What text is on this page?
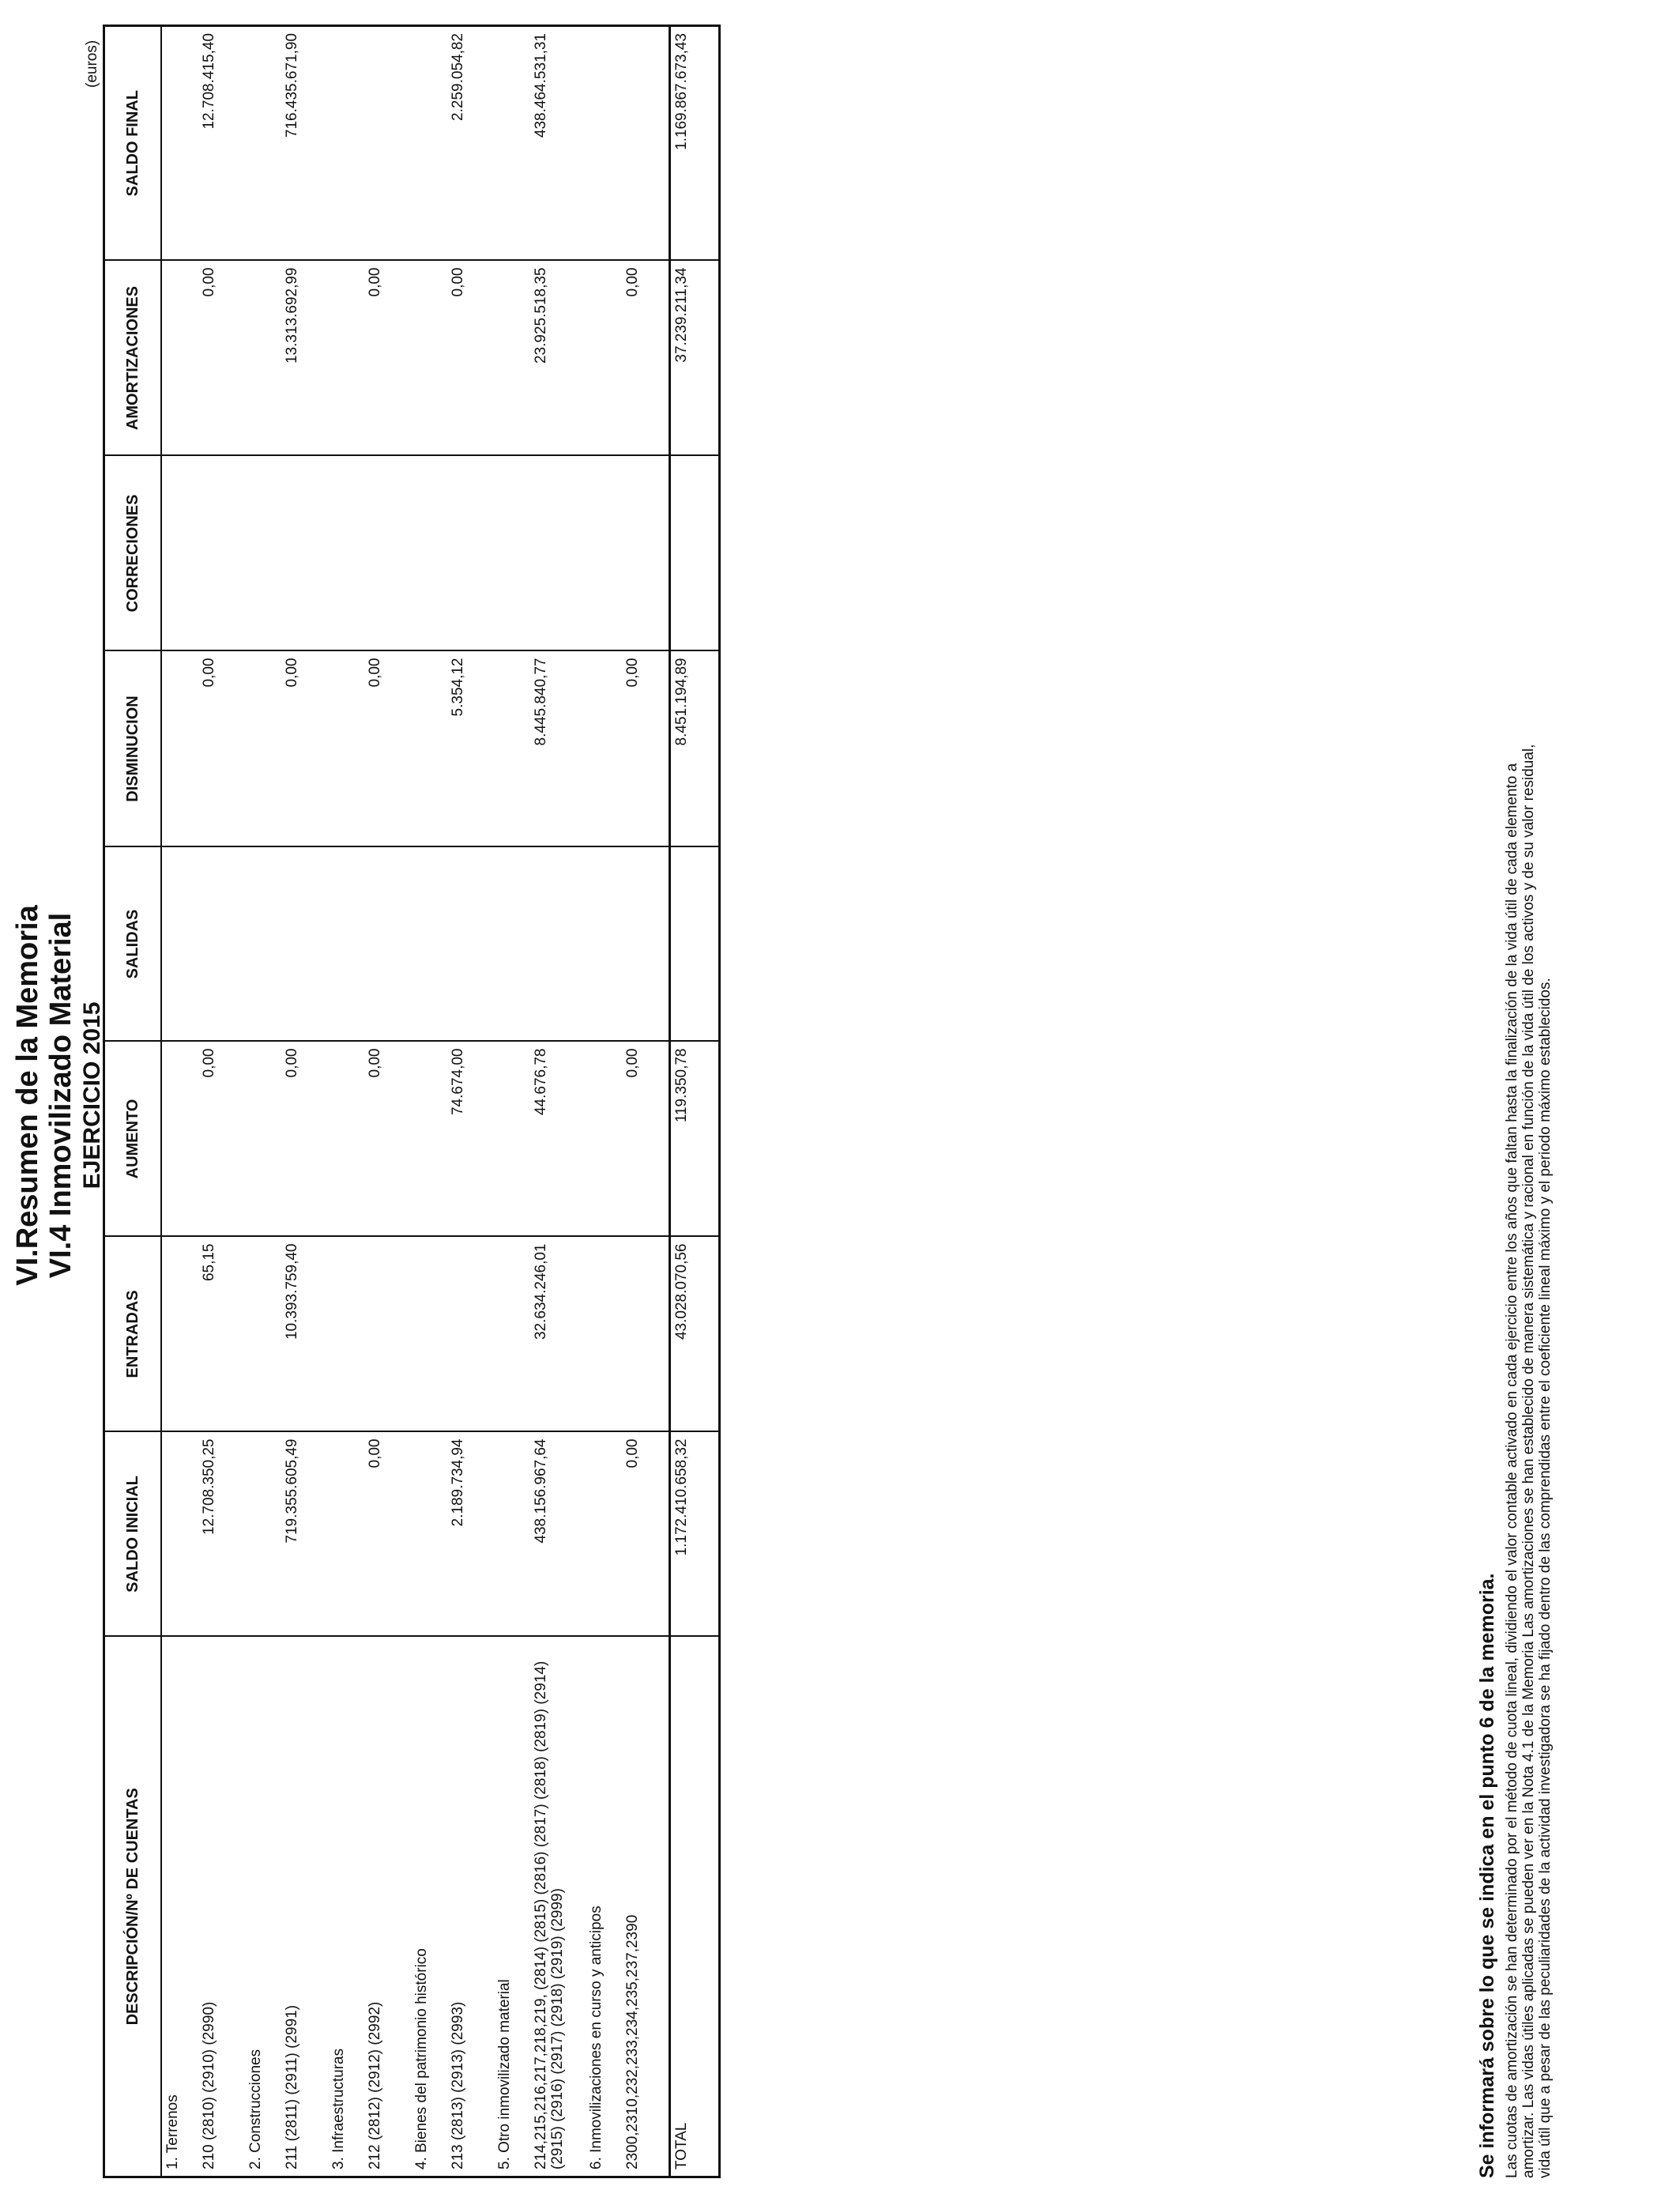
VI.Resumen de la Memoria VI.4 Inmovilizado Material EJERCICIO 2015
(euros)
DESCRIPCIÓN/Nº DE CUENTAS	SALDO INICIAL	ENTRADAS	AUMENTO	SALIDAS	DISMINUCION	CORRECIONES	AMORTIZACIONES	SALDO FINAL
1. Terrenos								
210 (2810) (2910) (2990)	12.708.350,25	65,15	0,00		0,00		0,00	12.708.415,40
2. Construcciones								
211 (2811) (2911) (2991)	719.355.605,49	10.393.759,40	0,00		0,00		13.313.692,99	716.435.671,90
3. Infraestructuras								
212 (2812) (2912) (2992)	0,00		0,00		0,00		0,00	
4. Bienes del patrimonio histórico								
213 (2813) (2913) (2993)	2.189.734,94		74.674,00		5.354,12		0,00	2.259.054,82
5. Otro inmovilizado material								
214,215,216,217,218,219, (2814) (2815) (2816) (2817) (2818) (2819) (2914) (2915) (2916) (2917) (2918) (2919) (2999)	438.156.967,64	32.634.246,01	44.676,78		8.445.840,77		23.925.518,35	438.464.531,31
6. Inmovilizaciones en curso y anticipos								
2300,2310,232,233,234,235,237,2390	0,00		0,00		0,00		0,00	
TOTAL	1.172.410.658,32	43.028.070,56	119.350,78		8.451.194,89		37.239.211,34	1.169.867.673,43
Se informará sobre lo que se indica en el punto 6 de la memoria. Las cuotas de amortización se han determinado por el método de cuota lineal, dividiendo el valor contable activado en cada ejercicio entre los años que faltan hasta la finalización de la vida útil de cada elemento a amortizar. Las vidas útiles aplicadas se pueden ver en la Nota 4.1 de la Memoria Las amortizaciones se han establecido de manera sistemática y racional en función de la vida útil de los activos y de su valor residual, vida útil que a pesar de las peculiaridades de la actividad investigadora se ha fijado dentro de las comprendidas entre el coeficiente lineal máximo y el periodo máximo establecidos.
